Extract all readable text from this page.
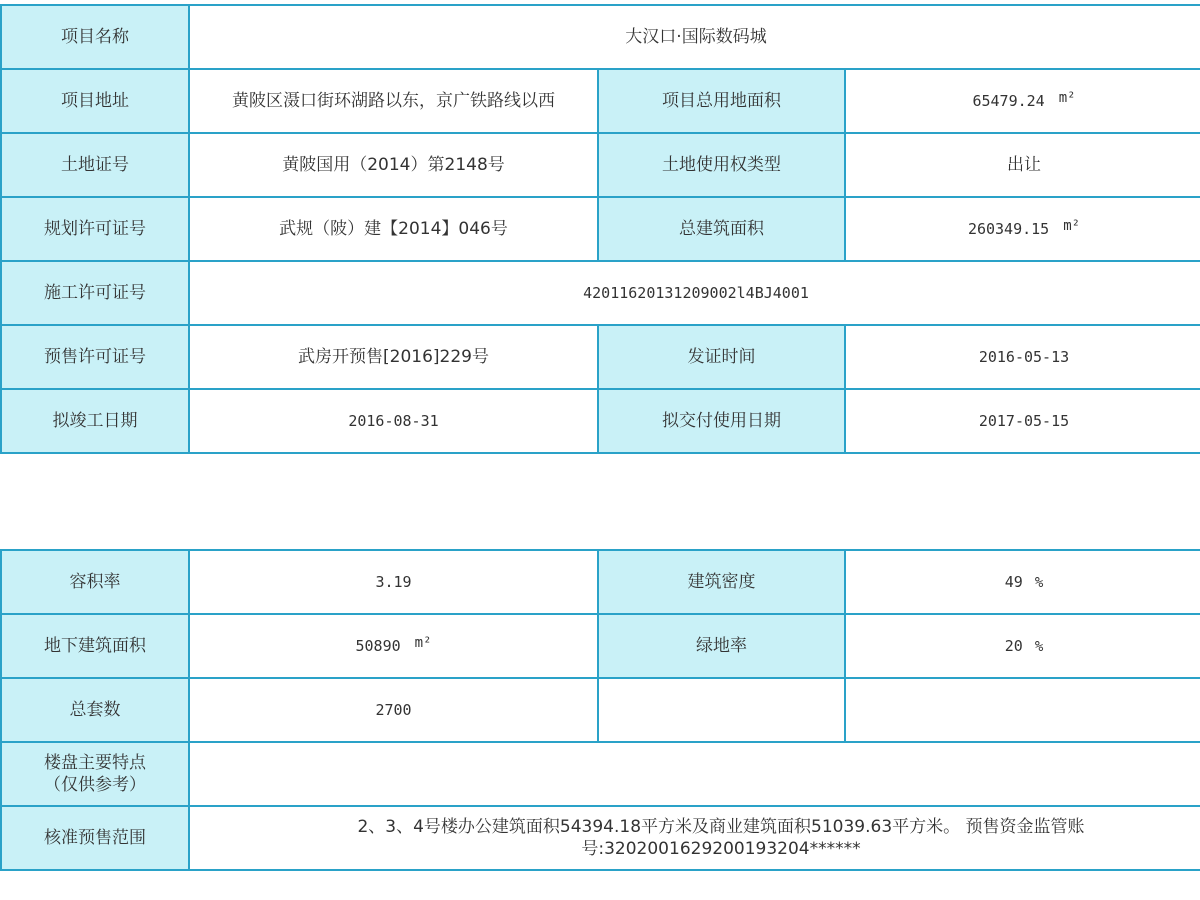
项目名称	大汉口·国际数码城		
项目地址	黄陂区滠口街环湖路以东，京广铁路线以西	项目总用地面积	65479.24 $^{m^2}$
土地证号	黄陂国用（2014）第2148号	土地使用权类型	出让
规划许可证号	武规（陂）建【2014】046号	总建筑面积	260349.15 $^{m^2}$
施工许可证号	42011620131209002l4BJ4001		
预售许可证号	武房开预售[2016]229号	发证时间	2016-05-13
拟竣工日期	2016-08-31	拟交付使用日期	2017-05-15
容积率	3.19	建筑密度	49 %
地下建筑面积	50890 $^{m^2}$	绿地率	20 %
总套数	2700		

楼盘主要特点
（仅供参考）			

核准预售范围	2、3、4号楼办公建筑面积54394.18平方米及商业建筑面积51039.63平方米。 预售资金监管账号:3202001629200193204******		
